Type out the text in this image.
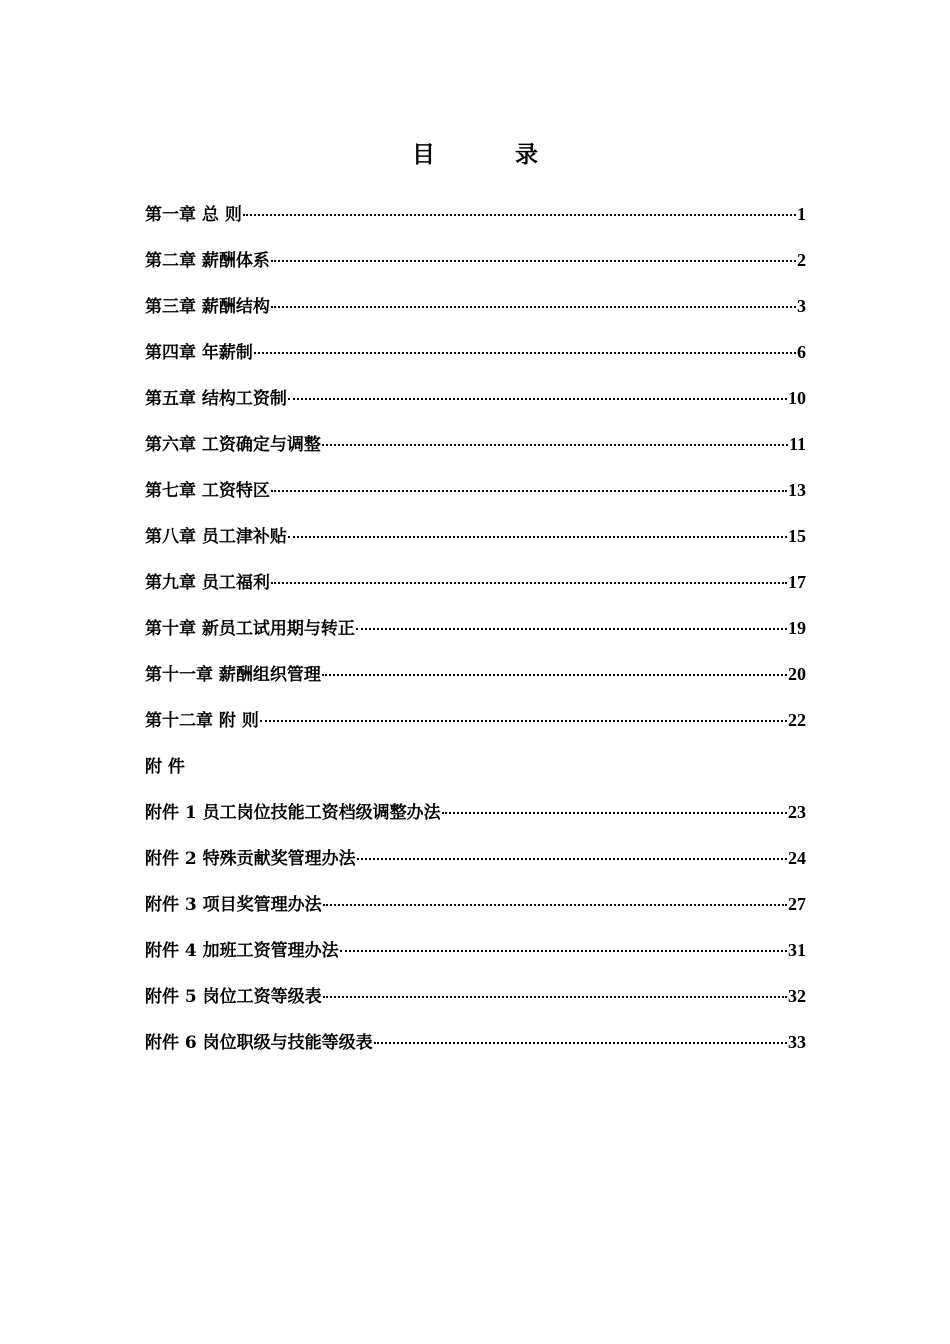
目	录
第一章 总 则	1
第二章 薪酬体系	2
第三章 薪酬结构	3
第四章 年薪制	6
第五章 结构工资制	10
第六章 工资确定与调整	11
第七章 工资特区	13
第八章 员工津补贴	15
第九章 员工福利	17
第十章 新员工试用期与转正	19
第十一章 薪酬组织管理	20
第十二章 附 则	22
附 件
附件 1 员工岗位技能工资档级调整办法	23
附件 2 特殊贡献奖管理办法	24
附件 3 项目奖管理办法	27
附件 4 加班工资管理办法	31
附件 5 岗位工资等级表	32
附件 6 岗位职级与技能等级表	33
